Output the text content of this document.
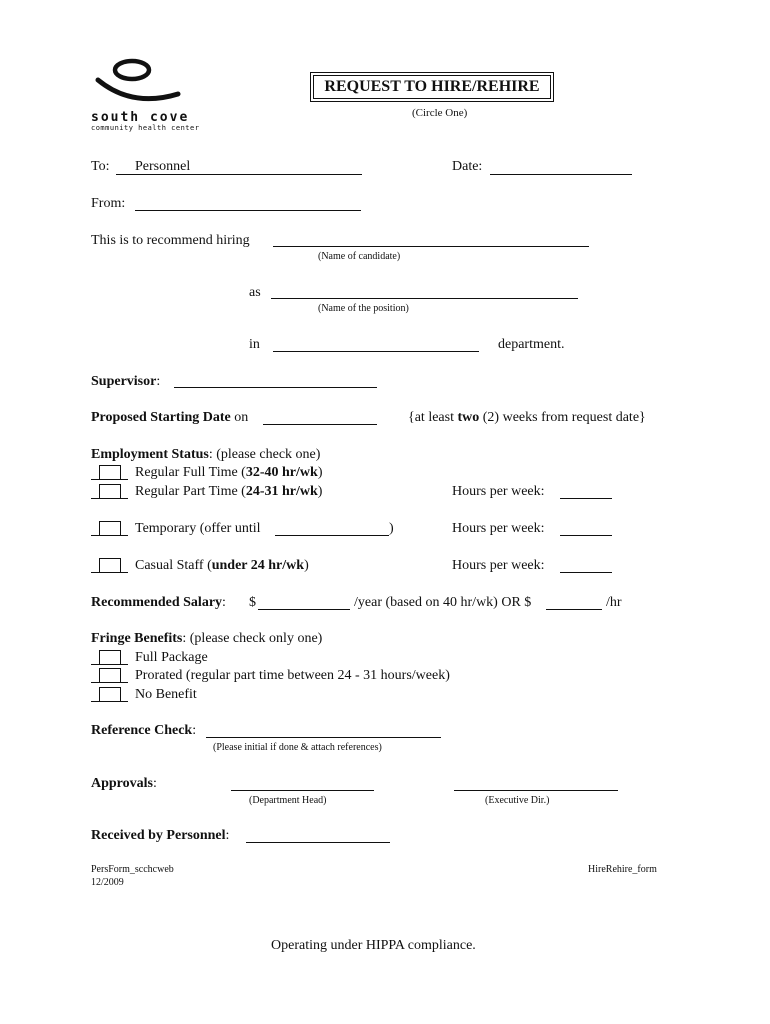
south cove
community health center
REQUEST TO HIRE/REHIRE
(Circle One)
To: Personnel	Date:
From:
This is to recommend hiring
(Name of candidate)
as
(Name of the position)
in	department.
Supervisor:
Proposed Starting Date on	{at least two (2) weeks from request date}
Employment Status: (please check one)
Regular Full Time (32-40 hr/wk)
Regular Part Time (24-31 hr/wk)	Hours per week:
Temporary (offer until	)	Hours per week:
Casual Staff (under 24 hr/wk)	Hours per week:
Recommended Salary: $	/year (based on 40 hr/wk) OR $	/hr
Fringe Benefits: (please check only one)
Full Package
Prorated (regular part time between 24 - 31 hours/week)
No Benefit
Reference Check:
(Please initial if done & attach references)
Approvals:
(Department Head)	(Executive Dir.)
Received by Personnel:
PersForm_scchcweb
12/2009
HireRehire_form
Operating under HIPPA compliance.
